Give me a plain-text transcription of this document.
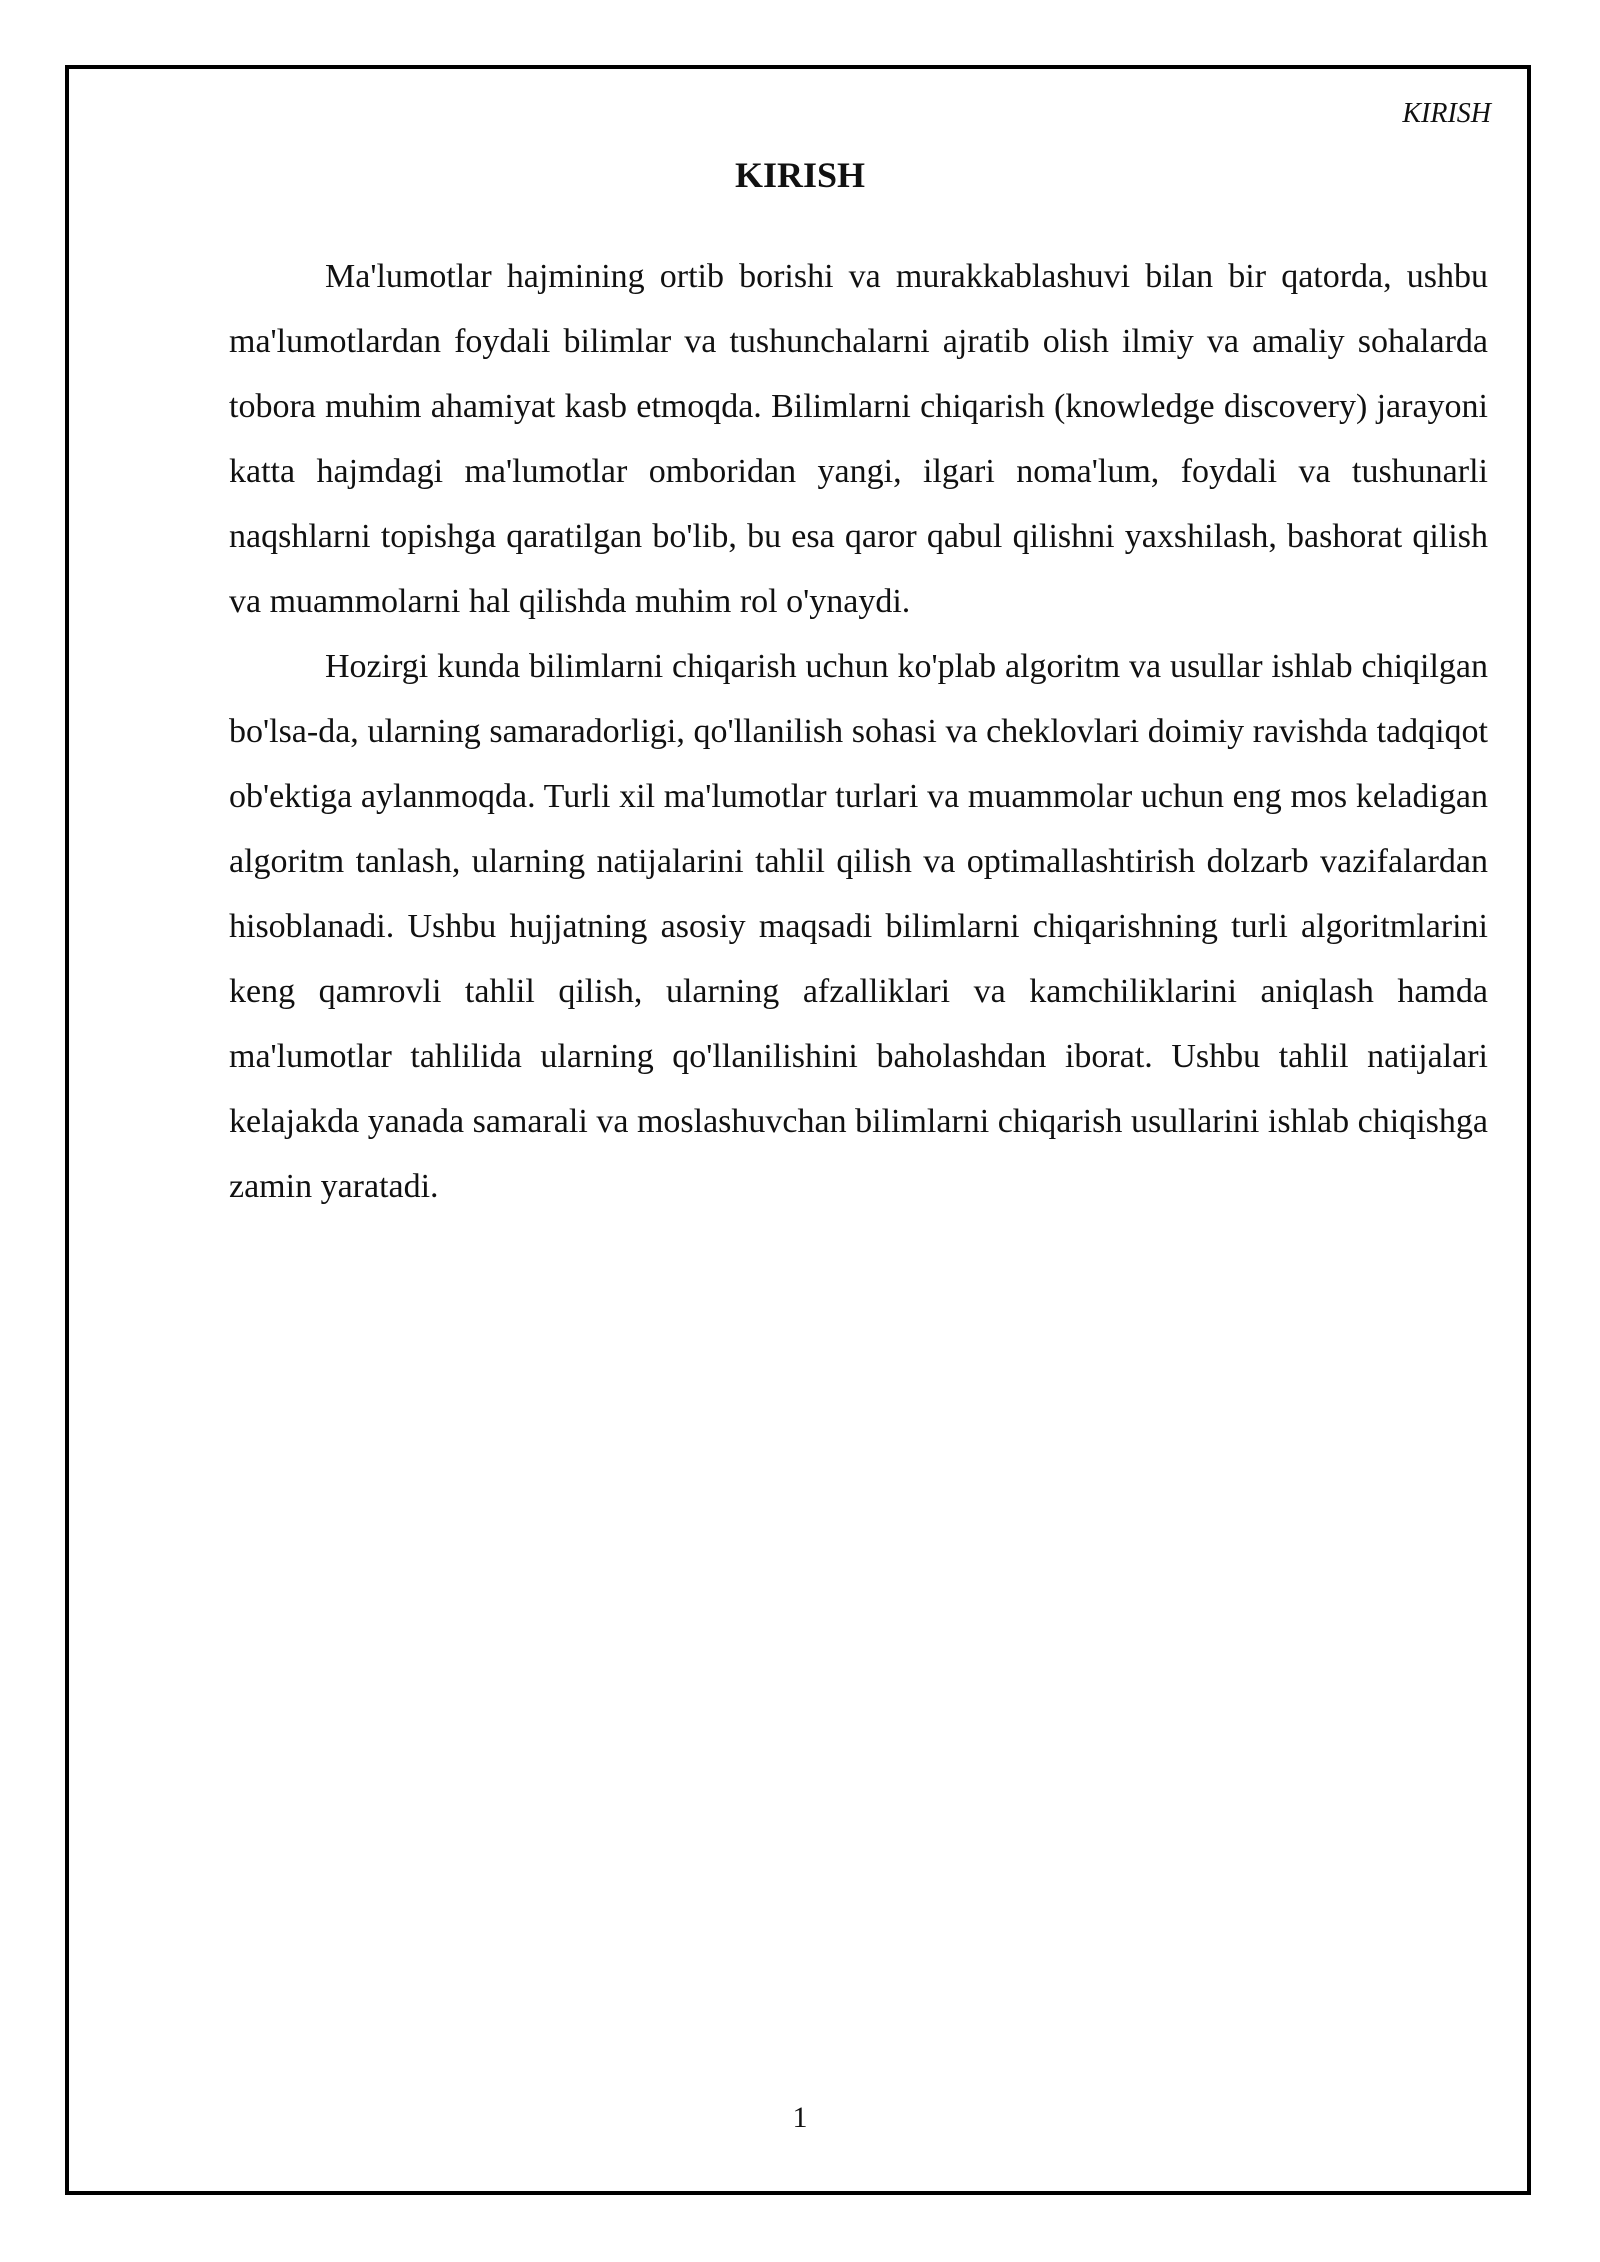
KIRISH
KIRISH

Ma'lumotlar hajmining ortib borishi va murakkablashuvi bilan bir qatorda, ushbu ma'lumotlardan foydali bilimlar va tushunchalarni ajratib olish ilmiy va amaliy sohalarda tobora muhim ahamiyat kasb etmoqda. Bilimlarni chiqarish (knowledge discovery) jarayoni katta hajmdagi ma'lumotlar omboridan yangi, ilgari noma'lum, foydali va tushunarli naqshlarni topishga qaratilgan bo'lib, bu esa qaror qabul qilishni yaxshilash, bashorat qilish va muammolarni hal qilishda muhim rol o'ynaydi.

Hozirgi kunda bilimlarni chiqarish uchun ko'plab algoritm va usullar ishlab chiqilgan bo'lsa-da, ularning samaradorligi, qo'llanilish sohasi va cheklovlari doimiy ravishda tadqiqot ob'ektiga aylanmoqda. Turli xil ma'lumotlar turlari va muammolar uchun eng mos keladigan algoritm tanlash, ularning natijalarini tahlil qilish va optimallashtirish dolzarb vazifalardan hisoblanadi. Ushbu hujjatning asosiy maqsadi bilimlarni chiqarishning turli algoritmlarini keng qamrovli tahlil qilish, ularning afzalliklari va kamchiliklarini aniqlash hamda ma'lumotlar tahlilida ularning qo'llanilishini baholashdan iborat. Ushbu tahlil natijalari kelajakda yanada samarali va moslashuvchan bilimlarni chiqarish usullarini ishlab chiqishga zamin yaratadi.

1
